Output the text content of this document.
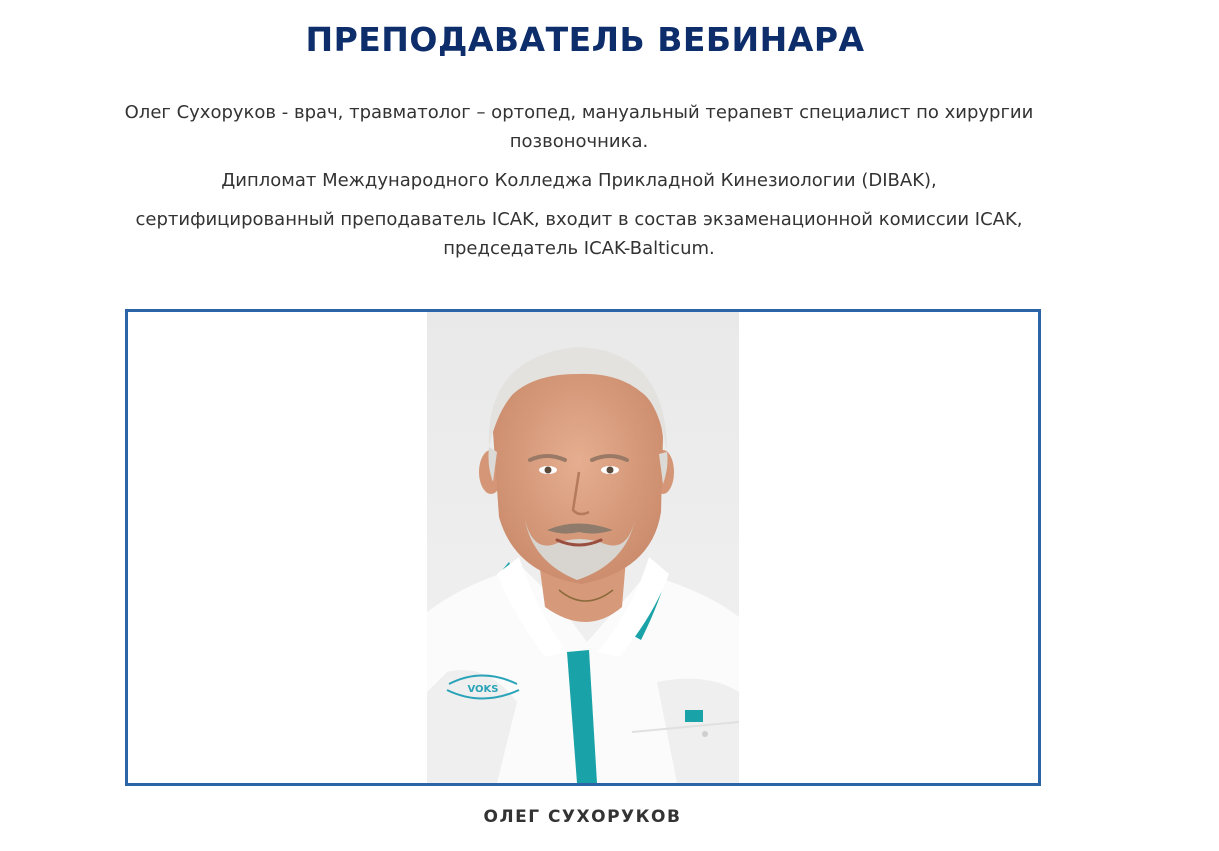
ПРЕПОДАВАТЕЛЬ ВЕБИНАРА

Олег Сухоруков - врач, травматолог – ортопед, мануальный терапевт специалист по хирургии позвоночника.

Дипломат Международного Колледжа Прикладной Кинезиологии (DIBAK),

сертифицированный преподаватель ICAK, входит в состав экзаменационной комиссии ICAK, председатель ICAK-Balticum.

VOKS
ОЛЕГ СУХОРУКОВ
